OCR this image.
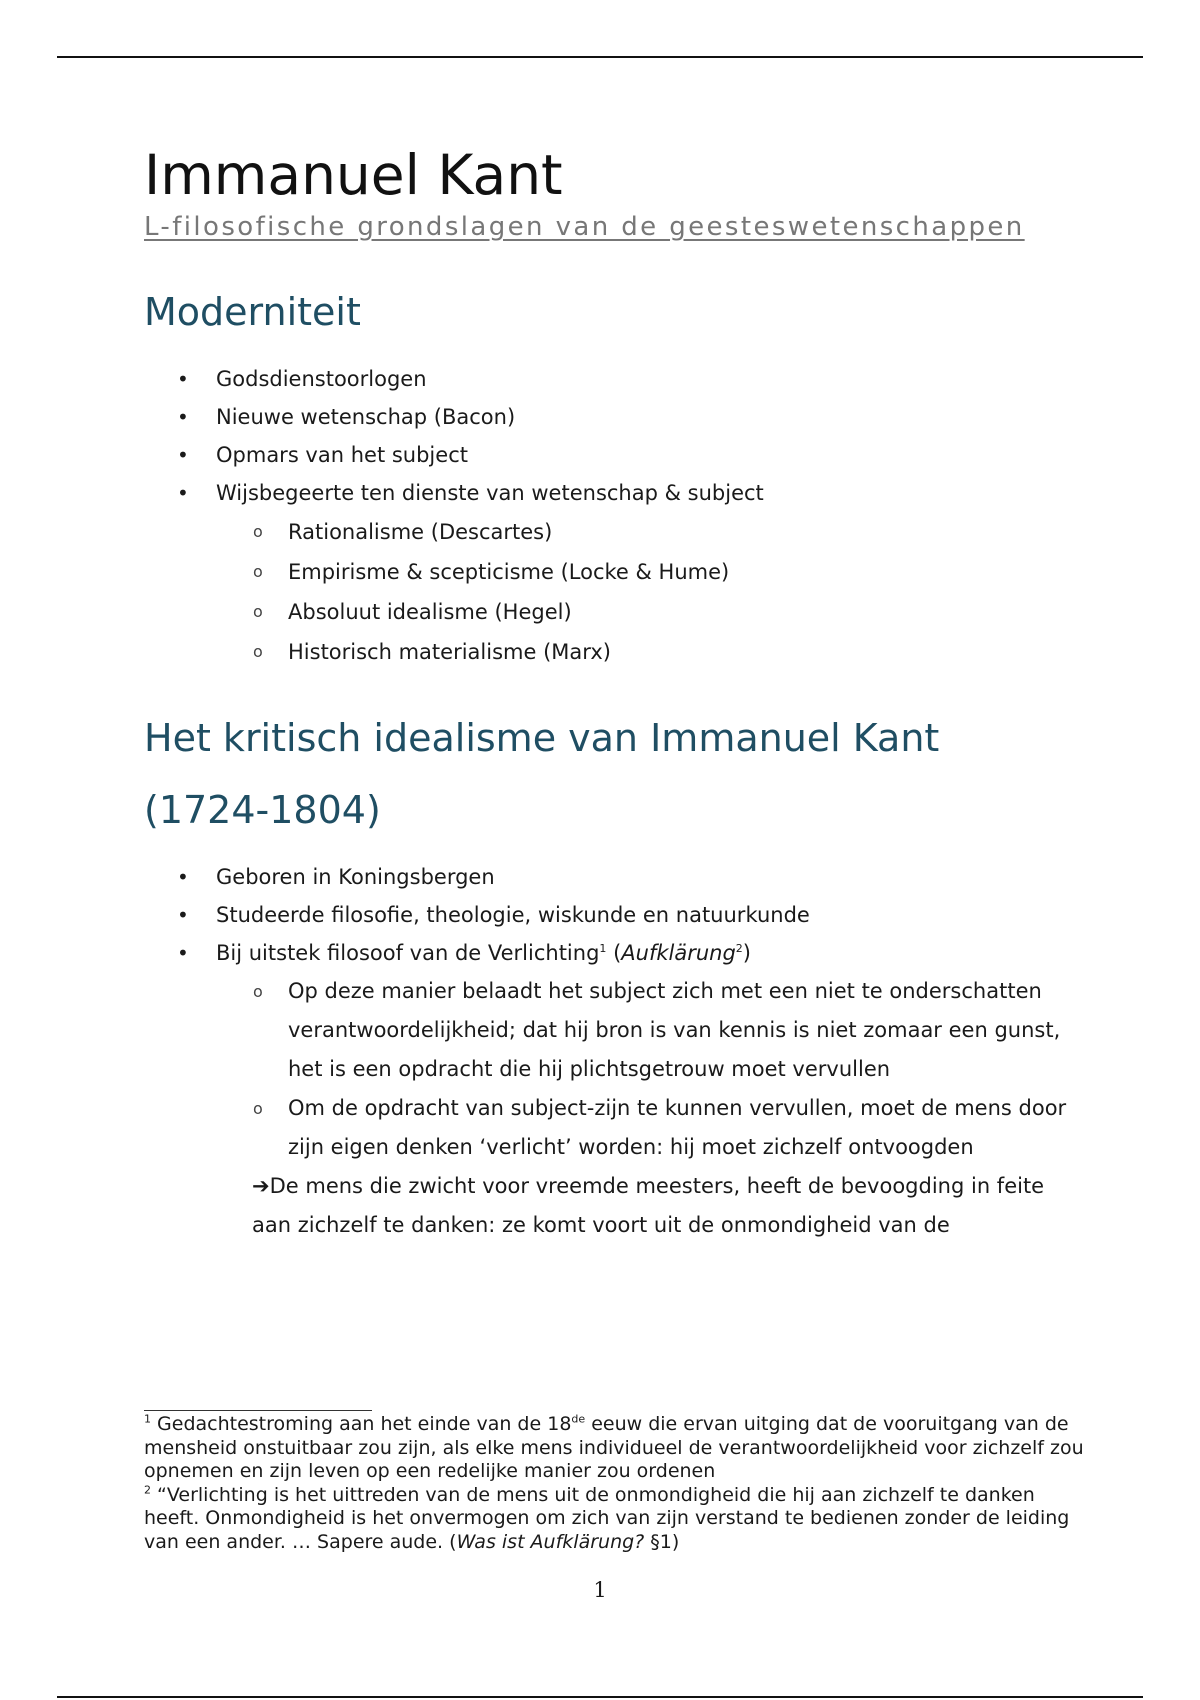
Immanuel Kant

L-filosofische grondslagen van de geesteswetenschappen

Moderniteit
• Godsdienstoorlogen
• Nieuwe wetenschap (Bacon)
• Opmars van het subject
• Wijsbegeerte ten dienste van wetenschap & subject
o Rationalisme (Descartes)
o Empirisme & scepticisme (Locke & Hume)
o Absoluut idealisme (Hegel)
o Historisch materialisme (Marx)
Het kritisch idealisme van Immanuel Kant
(1724-1804)
• Geboren in Koningsbergen
• Studeerde filosofie, theologie, wiskunde en natuurkunde
• Bij uitstek filosoof van de Verlichting$^1$ (Aufklärung$^2$)
o Op deze manier belaadt het subject zich met een niet te onderschatten verantwoordelijkheid; dat hij bron is van kennis is niet zomaar een gunst, het is een opdracht die hij plichtsgetrouw moet vervullen
o Om de opdracht van subject-zijn te kunnen vervullen, moet de mens door zijn eigen denken ‘verlicht’ worden: hij moet zichzelf ontvoogden
➔De mens die zwicht voor vreemde meesters, heeft de bevoogding in feite aan zichzelf te danken: ze komt voort uit de onmondigheid van de

$^1$ Gedachtestroming aan het einde van de 18de eeuw die ervan uitging dat de vooruitgang van de mensheid onstuitbaar zou zijn, als elke mens individueel de verantwoordelijkheid voor zichzelf zou opnemen en zijn leven op een redelijke manier zou ordenen

$^2$ “Verlichting is het uittreden van de mens uit de onmondigheid die hij aan zichzelf te danken heeft. Onmondigheid is het onvermogen om zich van zijn verstand te bedienen zonder de leiding van een ander. … Sapere aude. (Was ist Aufklärung? §1)

1
